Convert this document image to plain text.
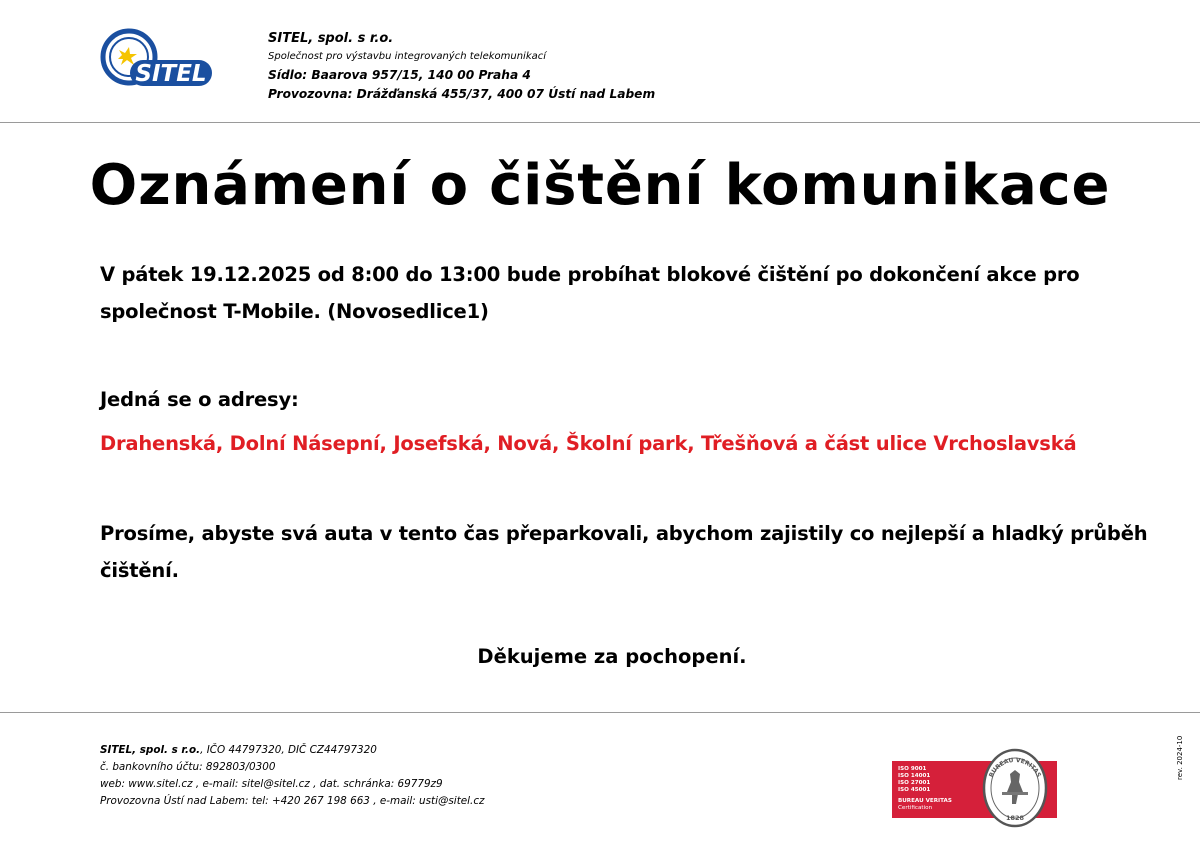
SITEL
SITEL, spol. s r.o.
Společnost pro výstavbu integrovaných telekomunikací
Sídlo: Baarova 957/15, 140 00 Praha 4
Provozovna: Drážďanská 455/37, 400 07 Ústí nad Labem
Oznámení o čištění komunikace
V pátek 19.12.2025 od 8:00 do 13:00 bude probíhat blokové čištění po dokončení akce pro společnost T-Mobile. (Novosedlice1)
Jedná se o adresy:
Drahenská, Dolní Násepní, Josefská, Nová, Školní park, Třešňová a část ulice Vrchoslavská
Prosíme, abyste svá auta v tento čas přeparkovali, abychom zajistily co nejlepší a hladký průběh čištění.
Děkujeme za pochopení.
SITEL, spol. s r.o., IČO 44797320, DIČ CZ44797320
č. bankovního účtu: 892803/0300
web: www.sitel.cz , e-mail: sitel@sitel.cz , dat. schránka: 69779z9
Provozovna Ústí nad Labem: tel: +420 267 198 663 , e-mail: usti@sitel.cz
ISO 9001
ISO 14001
ISO 27001
ISO 45001
BUREAU VERITAS
Certification
BUREAU VERITAS
1828
rev. 2024-10
